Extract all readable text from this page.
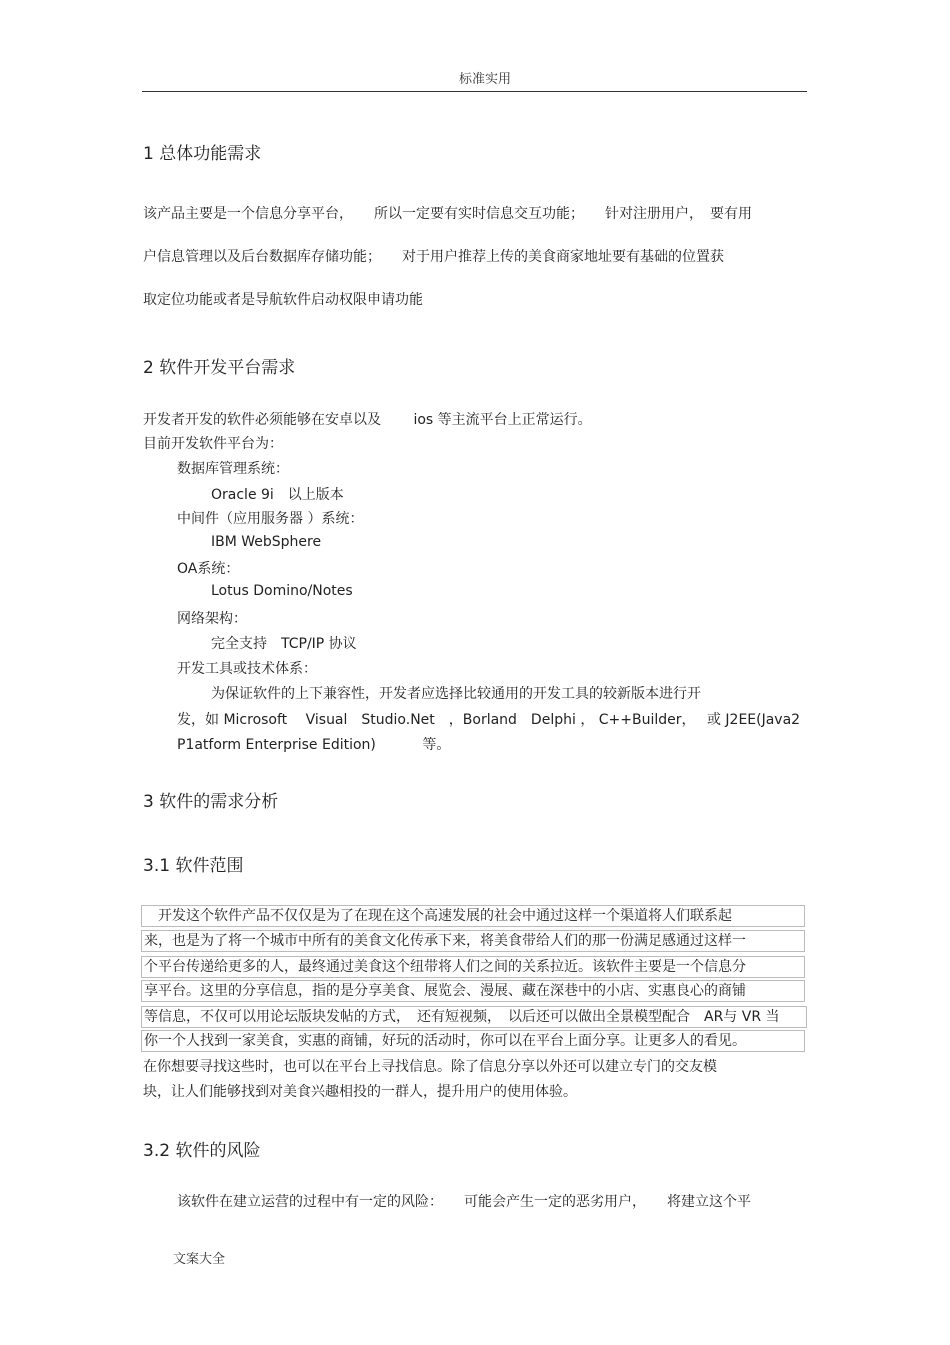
标准实用
1 总体功能需求
该产品主要是一个信息分享平台，　　所以一定要有实时信息交互功能；　　针对注册用户，　要有用
户信息管理以及后台数据库存储功能；　　对于用户推荐上传的美食商家地址要有基础的位置获
取定位功能或者是导航软件启动权限申请功能
2 软件开发平台需求
开发者开发的软件必须能够在安卓以及　　 ios 等主流平台上正常运行。
目前开发软件平台为：
数据库管理系统：
Oracle 9i　以上版本
中间件（应用服务器 ）系统：
IBM WebSphere
OA系统：
Lotus Domino/Notes
网络架构：
完全支持　TCP/IP 协议
开发工具或技术体系：
为保证软件的上下兼容性，开发者应选择比较通用的开发工具的较新版本进行开
发，如 Microsoft　 Visual　Studio.Net　，Borland　Delphi ， C++Builder，　 或 J2EE(Java2
P1atform Enterprise Edition)　　　 等。
3 软件的需求分析
3.1 软件范围
　开发这个软件产品不仅仅是为了在现在这个高速发展的社会中通过这样一个渠道将人们联系起
来，也是为了将一个城市中所有的美食文化传承下来，将美食带给人们的那一份满足感通过这样一
个平台传递给更多的人，最终通过美食这个纽带将人们之间的关系拉近。该软件主要是一个信息分
享平台。这里的分享信息，指的是分享美食、展览会、漫展、藏在深巷中的小店、实惠良心的商铺
等信息，不仅可以用论坛版块发帖的方式，　还有短视频，　以后还可以做出全景模型配合　AR与 VR 当
你一个人找到一家美食，实惠的商铺，好玩的活动时，你可以在平台上面分享。让更多人的看见。
在你想要寻找这些时，也可以在平台上寻找信息。除了信息分享以外还可以建立专门的交友模
块，让人们能够找到对美食兴趣相投的一群人，提升用户的使用体验。
3.2 软件的风险
该软件在建立运营的过程中有一定的风险：　　可能会产生一定的恶劣用户，　　将建立这个平
文案大全
